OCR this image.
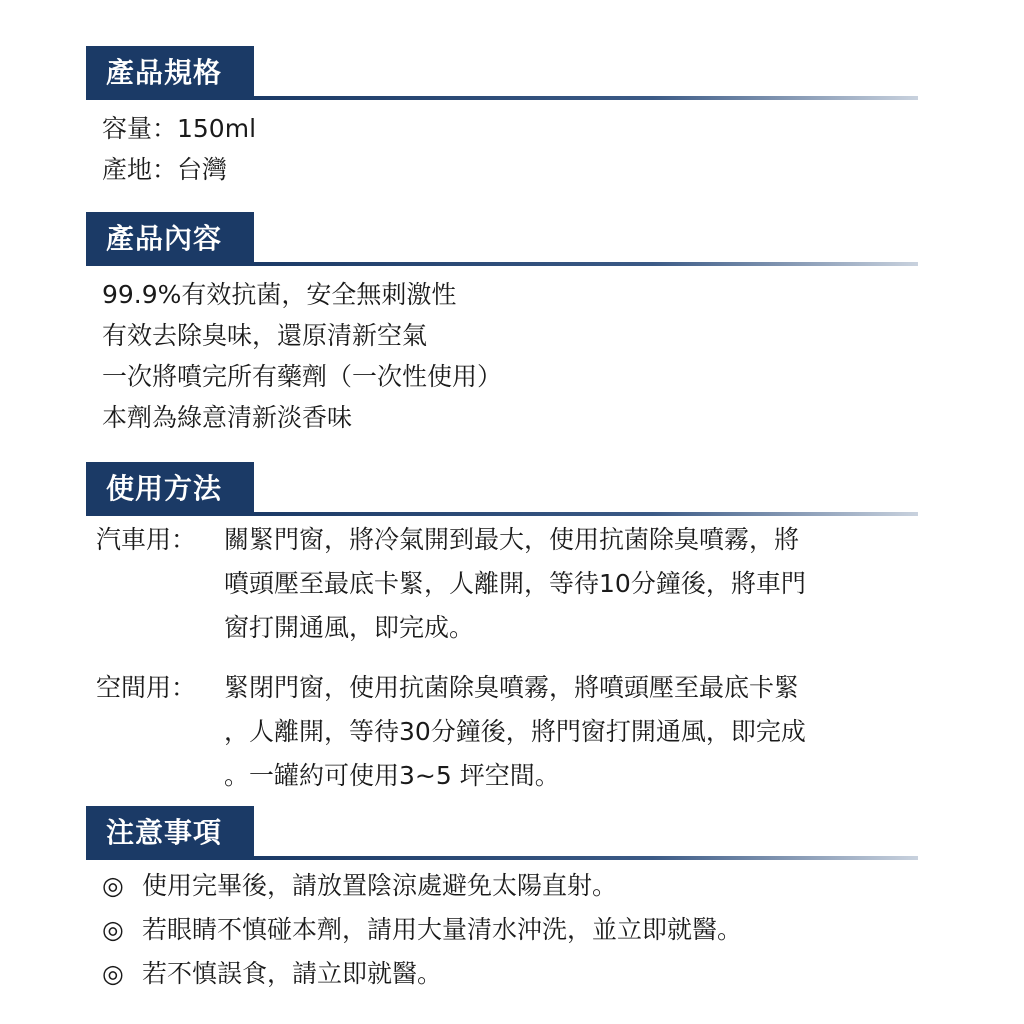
產品規格
容量：150ml
產地：台灣
產品內容
99.9%有效抗菌，安全無刺激性
有效去除臭味，還原清新空氣
一次將噴完所有藥劑（一次性使用）
本劑為綠意清新淡香味
使用方法
汽車用： 關緊門窗，將冷氣開到最大，使用抗菌除臭噴霧，將
噴頭壓至最底卡緊，人離開，等待10分鐘後，將車門
窗打開通風，即完成。
空間用： 緊閉門窗，使用抗菌除臭噴霧，將噴頭壓至最底卡緊
，人離開，等待30分鐘後，將門窗打開通風，即完成
。一罐約可使用3~5 坪空間。
注意事項
◎ 使用完畢後，請放置陰涼處避免太陽直射。
◎ 若眼睛不慎碰本劑，請用大量清水沖洗，並立即就醫。
◎ 若不慎誤食，請立即就醫。
